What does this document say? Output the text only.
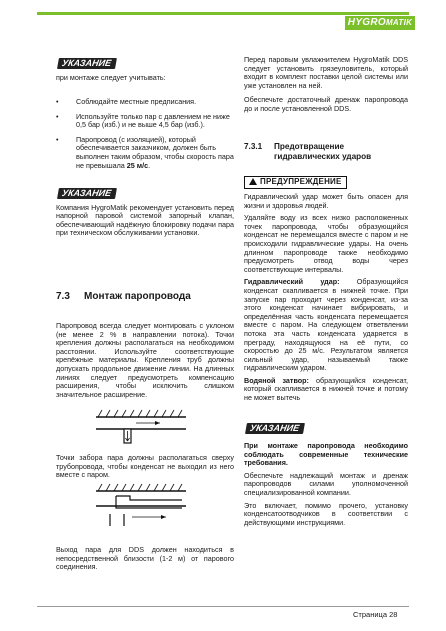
HYGROMATIK
УКАЗАНИЕ

при монтаже следует учитывать:

• Соблюдайте местные предписания.
• Используйте только пар с давлением не ниже 0,5 бар (изб.) и не выше 4,5 бар (изб.).
• Паропровод (с изоляцией), который обеспечивается заказчиком, должен быть выполнен таким образом, чтобы скорость пара не превышала 25 м/с.
УКАЗАНИЕ

Компания HygroMatik рекомендует установить перед напорной паровой системой запорный клапан, обеспечивающий надёжную блокировку подачи пара при техническом обслуживании установки.

7.3 Монтаж паропровода

Паропровод всегда следует монтировать с уклоном (не менее 2 % в направлении потока). Точки крепления должны располагаться на необходимом расстоянии. Используйте соответствующие крепёжные материалы. Крепления труб должны допускать продольное движение линии. На длинных линиях следует предусмотреть компенсацию расширения, чтобы исключить слишком значительное расширение.

Точки забора пара должны располагаться сверху трубопровода, чтобы конденсат не выходил из него вместе с паром.

Выход пара для DDS должен находиться в непосредственной близости (1-2 м) от парового соединения.

Перед паровым увлажнителем HygroMatik DDS следует установить грязеуловитель, который входит в комплект поставки целой системы или уже установлен на ней.

Обеспечьте достаточный дренаж паропровода до и после установленной DDS.

7.3.1 Предотвращение
гидравлических ударов
ПРЕДУПРЕЖДЕНИЕ

Гидравлический удар может быть опасен для жизни и здоровья людей.

Удаляйте воду из всех низко расположенных точек паропровода, чтобы образующийся конденсат не перемещался вместе с паром и не происходили гидравлические удары. На очень длинном паропроводе также необходимо предусмотреть отвод воды через соответствующие интервалы.

Гидравлический удар: Образующийся конденсат скапливается в нижней точке. При запуске пар проходит через конденсат, из-за этого конденсат начинает вибрировать, и определённая часть конденсата перемещается вместе с паром. На следующем ответвлении потока эта часть конденсата ударяется в преграду, находящуюся на её пути, со скоростью до 25 м/с. Результатом является сильный удар, называемый также гидравлическим ударом.

Водяной затвор: образующийся конденсат, который скапливается в нижней точке и потому не может вытечь

УКАЗАНИЕ

При монтаже паропровода необходимо соблюдать современные технические требования.

Обеспечьте надлежащий монтаж и дренаж паропроводов силами уполномоченной специализированной компании.

Это включает, помимо прочего, установку конденсатоотводчиков в соответствии с действующими инструкциями.

Страница 28
